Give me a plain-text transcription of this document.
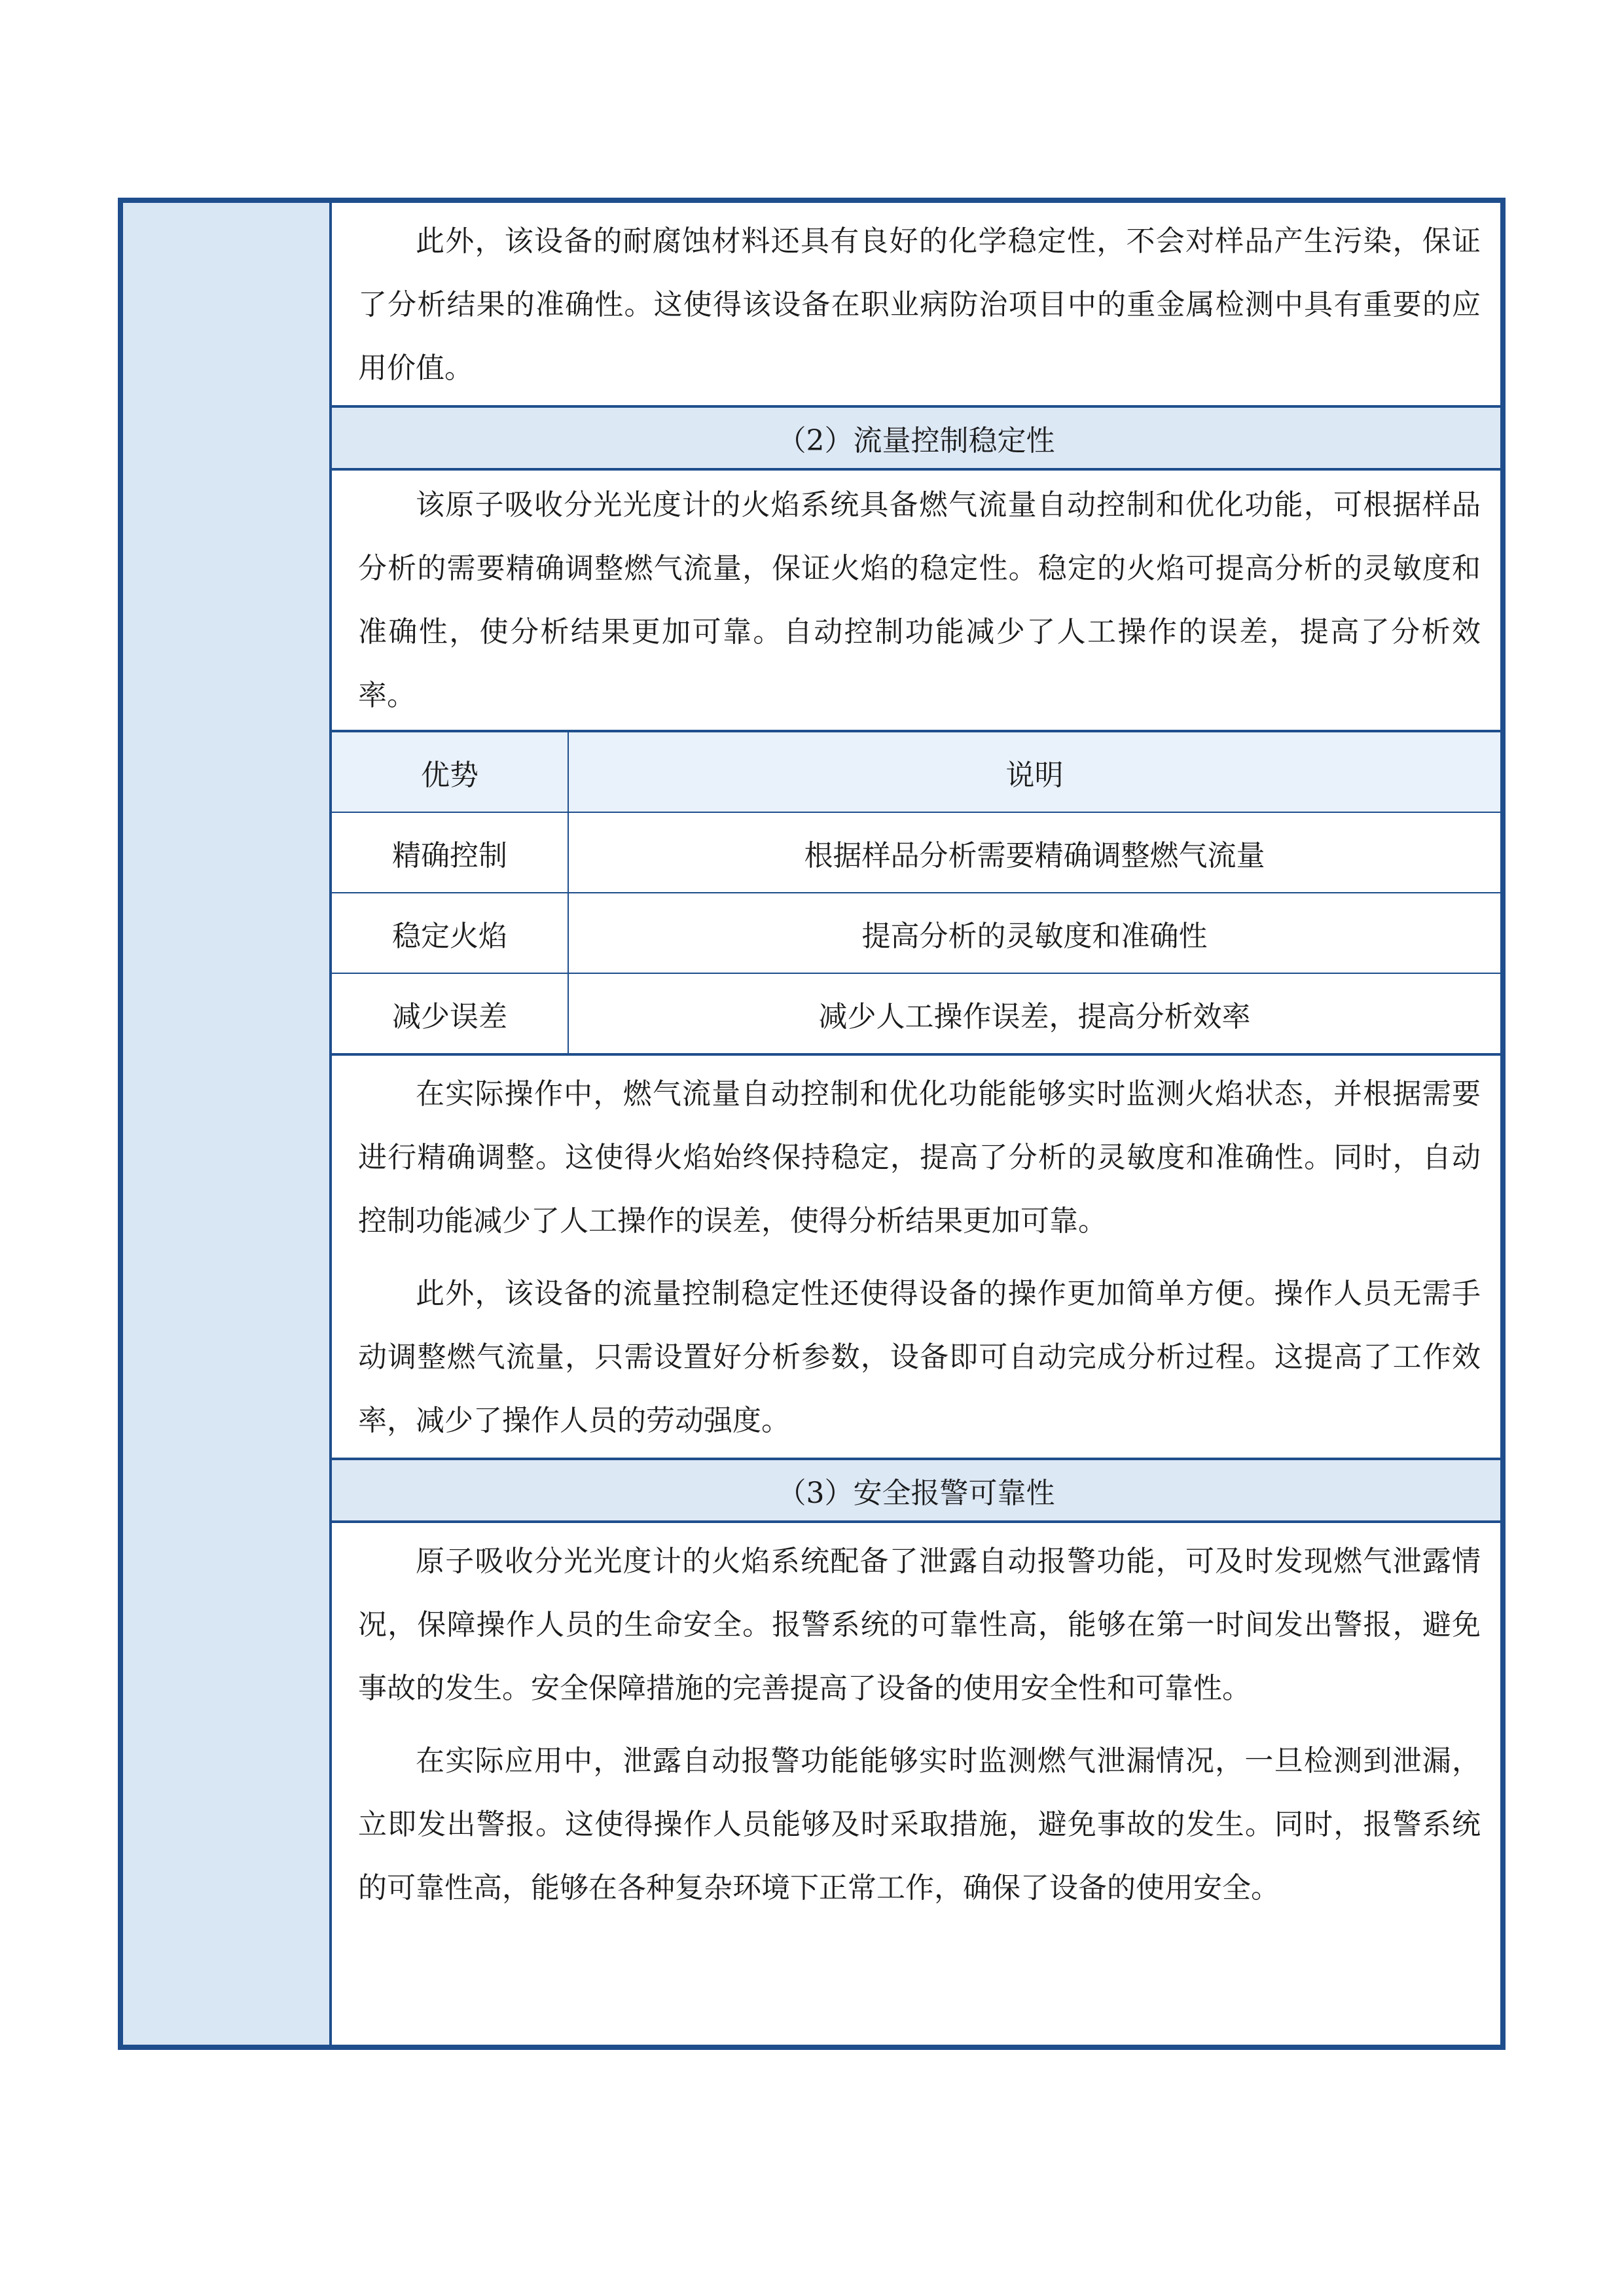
此外，该设备的耐腐蚀材料还具有良好的化学稳定性，不会对样品产生污染，保证了分析结果的准确性。这使得该设备在职业病防治项目中的重金属检测中具有重要的应用价值。

（2）流量控制稳定性

该原子吸收分光光度计的火焰系统具备燃气流量自动控制和优化功能，可根据样品分析的需要精确调整燃气流量，保证火焰的稳定性。稳定的火焰可提高分析的灵敏度和准确性，使分析结果更加可靠。自动控制功能减少了人工操作的误差，提高了分析效率。

优势	说明
精确控制	根据样品分析需要精确调整燃气流量
稳定火焰	提高分析的灵敏度和准确性
减少误差	减少人工操作误差，提高分析效率

在实际操作中，燃气流量自动控制和优化功能能够实时监测火焰状态，并根据需要进行精确调整。这使得火焰始终保持稳定，提高了分析的灵敏度和准确性。同时，自动控制功能减少了人工操作的误差，使得分析结果更加可靠。

此外，该设备的流量控制稳定性还使得设备的操作更加简单方便。操作人员无需手动调整燃气流量，只需设置好分析参数，设备即可自动完成分析过程。这提高了工作效率，减少了操作人员的劳动强度。

（3）安全报警可靠性

原子吸收分光光度计的火焰系统配备了泄露自动报警功能，可及时发现燃气泄露情况，保障操作人员的生命安全。报警系统的可靠性高，能够在第一时间发出警报，避免事故的发生。安全保障措施的完善提高了设备的使用安全性和可靠性。

在实际应用中，泄露自动报警功能能够实时监测燃气泄漏情况，一旦检测到泄漏，立即发出警报。这使得操作人员能够及时采取措施，避免事故的发生。同时，报警系统的可靠性高，能够在各种复杂环境下正常工作，确保了设备的使用安全。
